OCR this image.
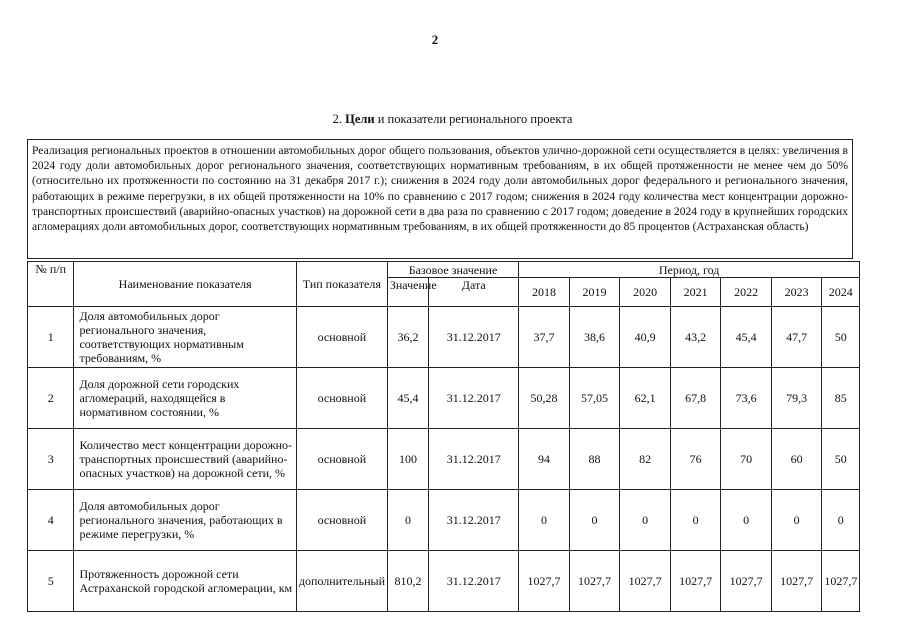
2
2. Цели и показатели регионального проекта
Реализация региональных проектов в отношении автомобильных дорог общего пользования, объектов улично-дорожной сети осуществляется в целях: увеличения в 2024 году доли автомобильных дорог регионального значения, соответствующих нормативным требованиям, в их общей протяженности не менее чем до 50% (относительно их протяженности по состоянию на 31 декабря 2017 г.); снижения в 2024 году доли автомобильных дорог федерального и регионального значения, работающих в режиме перегрузки, в их общей протяженности на 10% по сравнению с 2017 годом; снижения в 2024 году количества мест концентрации дорожно-транспортных происшествий (аварийно-опасных участков) на дорожной сети в два раза по сравнению с 2017 годом; доведение в 2024 году в крупнейших городских агломерациях доли автомобильных дорог, соответствующих нормативным требованиям, в их общей протяженности до 85 процентов (Астраханская область)
№ п/п	Наименование показателя	Тип показателя	Базовое значение		Период, год						
			Значение	Дата	2018	2019	2020	2021	2022	2023	2024
1	Доля автомобильных дорог регионального значения, соответствующих нормативным требованиям, %	основной	36,2	31.12.2017	37,7	38,6	40,9	43,2	45,4	47,7	50
2	Доля дорожной сети городских агломераций, находящейся в нормативном состоянии, %	основной	45,4	31.12.2017	50,28	57,05	62,1	67,8	73,6	79,3	85
3	Количество мест концентрации дорожно-транспортных происшествий (аварийно-опасных участков) на дорожной сети, %	основной	100	31.12.2017	94	88	82	76	70	60	50
4	Доля автомобильных дорог регионального значения, работающих в режиме перегрузки, %	основной	0	31.12.2017	0	0	0	0	0	0	0
5	Протяженность дорожной сети Астраханской городской агломерации, км	дополнительный	810,2	31.12.2017	1027,7	1027,7	1027,7	1027,7	1027,7	1027,7	1027,7
